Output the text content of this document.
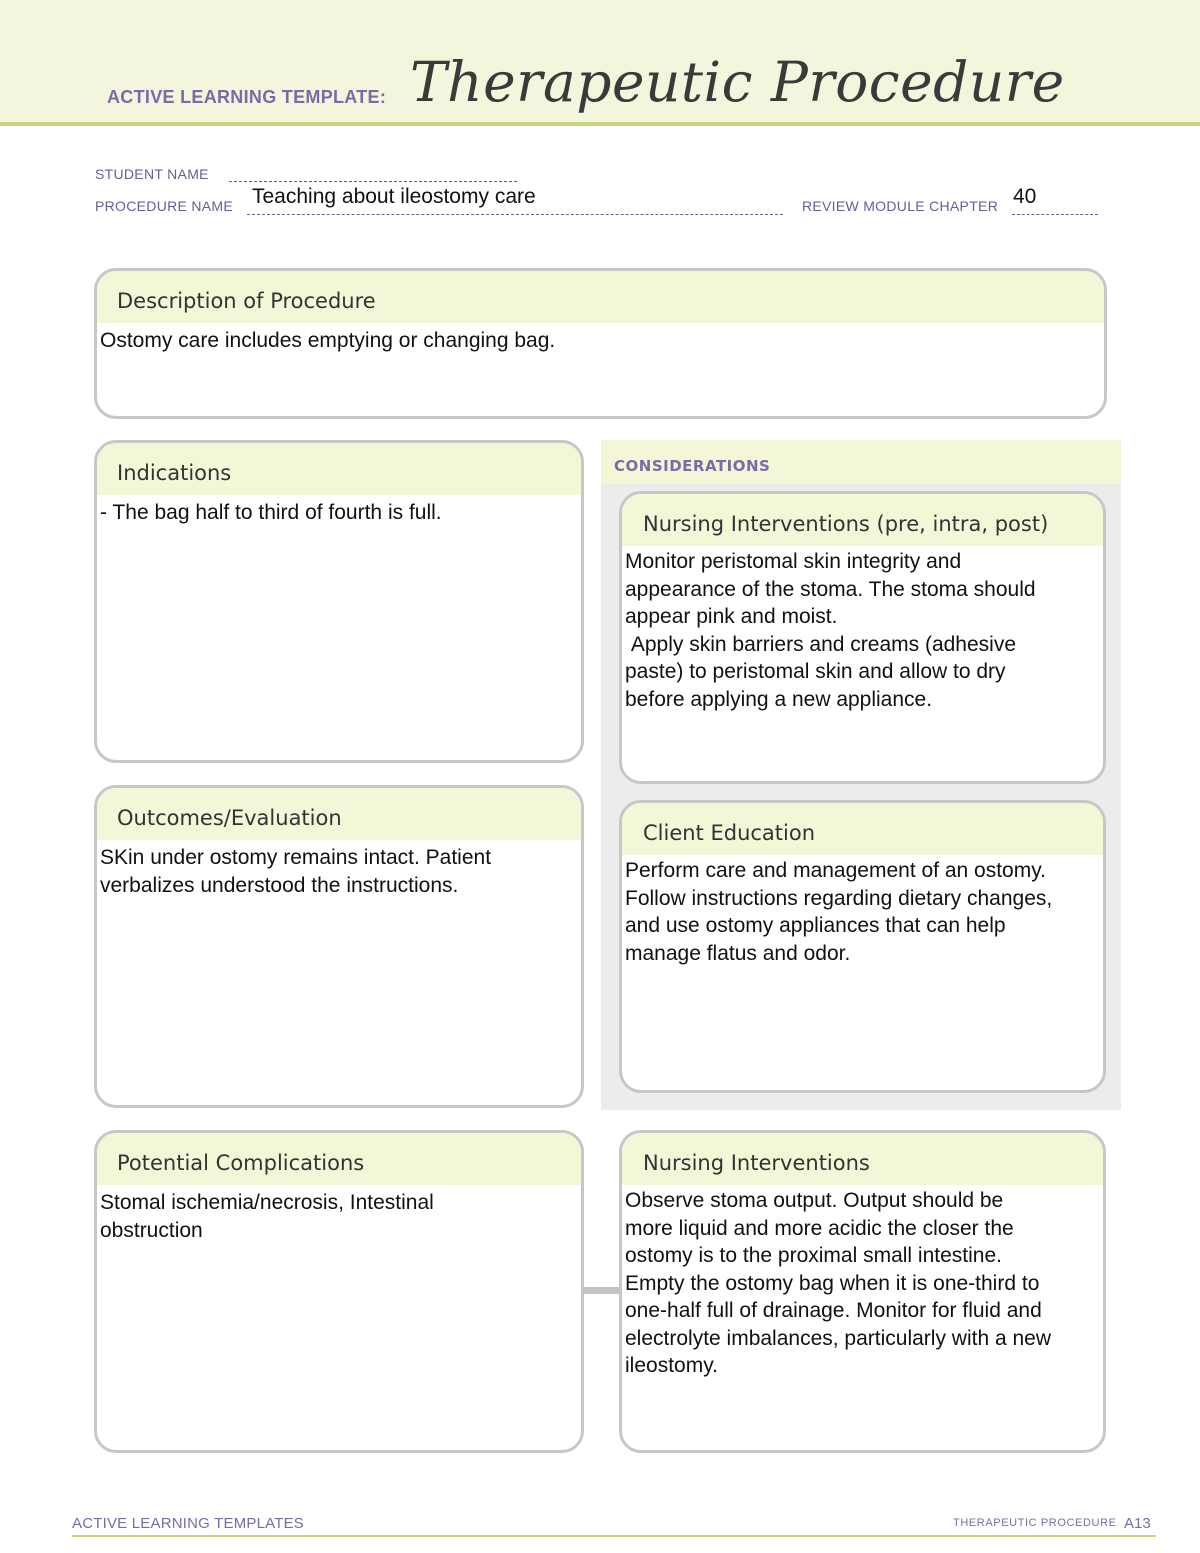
ACTIVE LEARNING TEMPLATE: Therapeutic Procedure
STUDENT NAME
PROCEDURE NAME Teaching about ileostomy care	REVIEW MODULE CHAPTER 40
Description of Procedure
Ostomy care includes emptying or changing bag.
CONSIDERATIONS
Indications
- The bag half to third of fourth is full.	Nursing Interventions (pre, intra, post)
Monitor peristomal skin integrity and
appearance of the stoma. The stoma should
appear pink and moist.
Apply skin barriers and creams (adhesive
paste) to peristomal skin and allow to dry
before applying a new appliance.
Outcomes/Evaluation
SKin under ostomy remains intact. Patient
verbalizes understood the instructions.
Client Education
Perform care and management of an ostomy.
Follow instructions regarding dietary changes,
and use ostomy appliances that can help
manage flatus and odor.
Potential Complications
Stomal ischemia/necrosis, Intestinal
obstruction
Nursing Interventions
Observe stoma output. Output should be
more liquid and more acidic the closer the
ostomy is to the proximal small intestine.
Empty the ostomy bag when it is one-third to
one-half full of drainage. Monitor for fluid and
electrolyte imbalances, particularly with a new
ileostomy.
ACTIVE LEARNING TEMPLATES	THERAPEUTIC PROCEDURE A13
